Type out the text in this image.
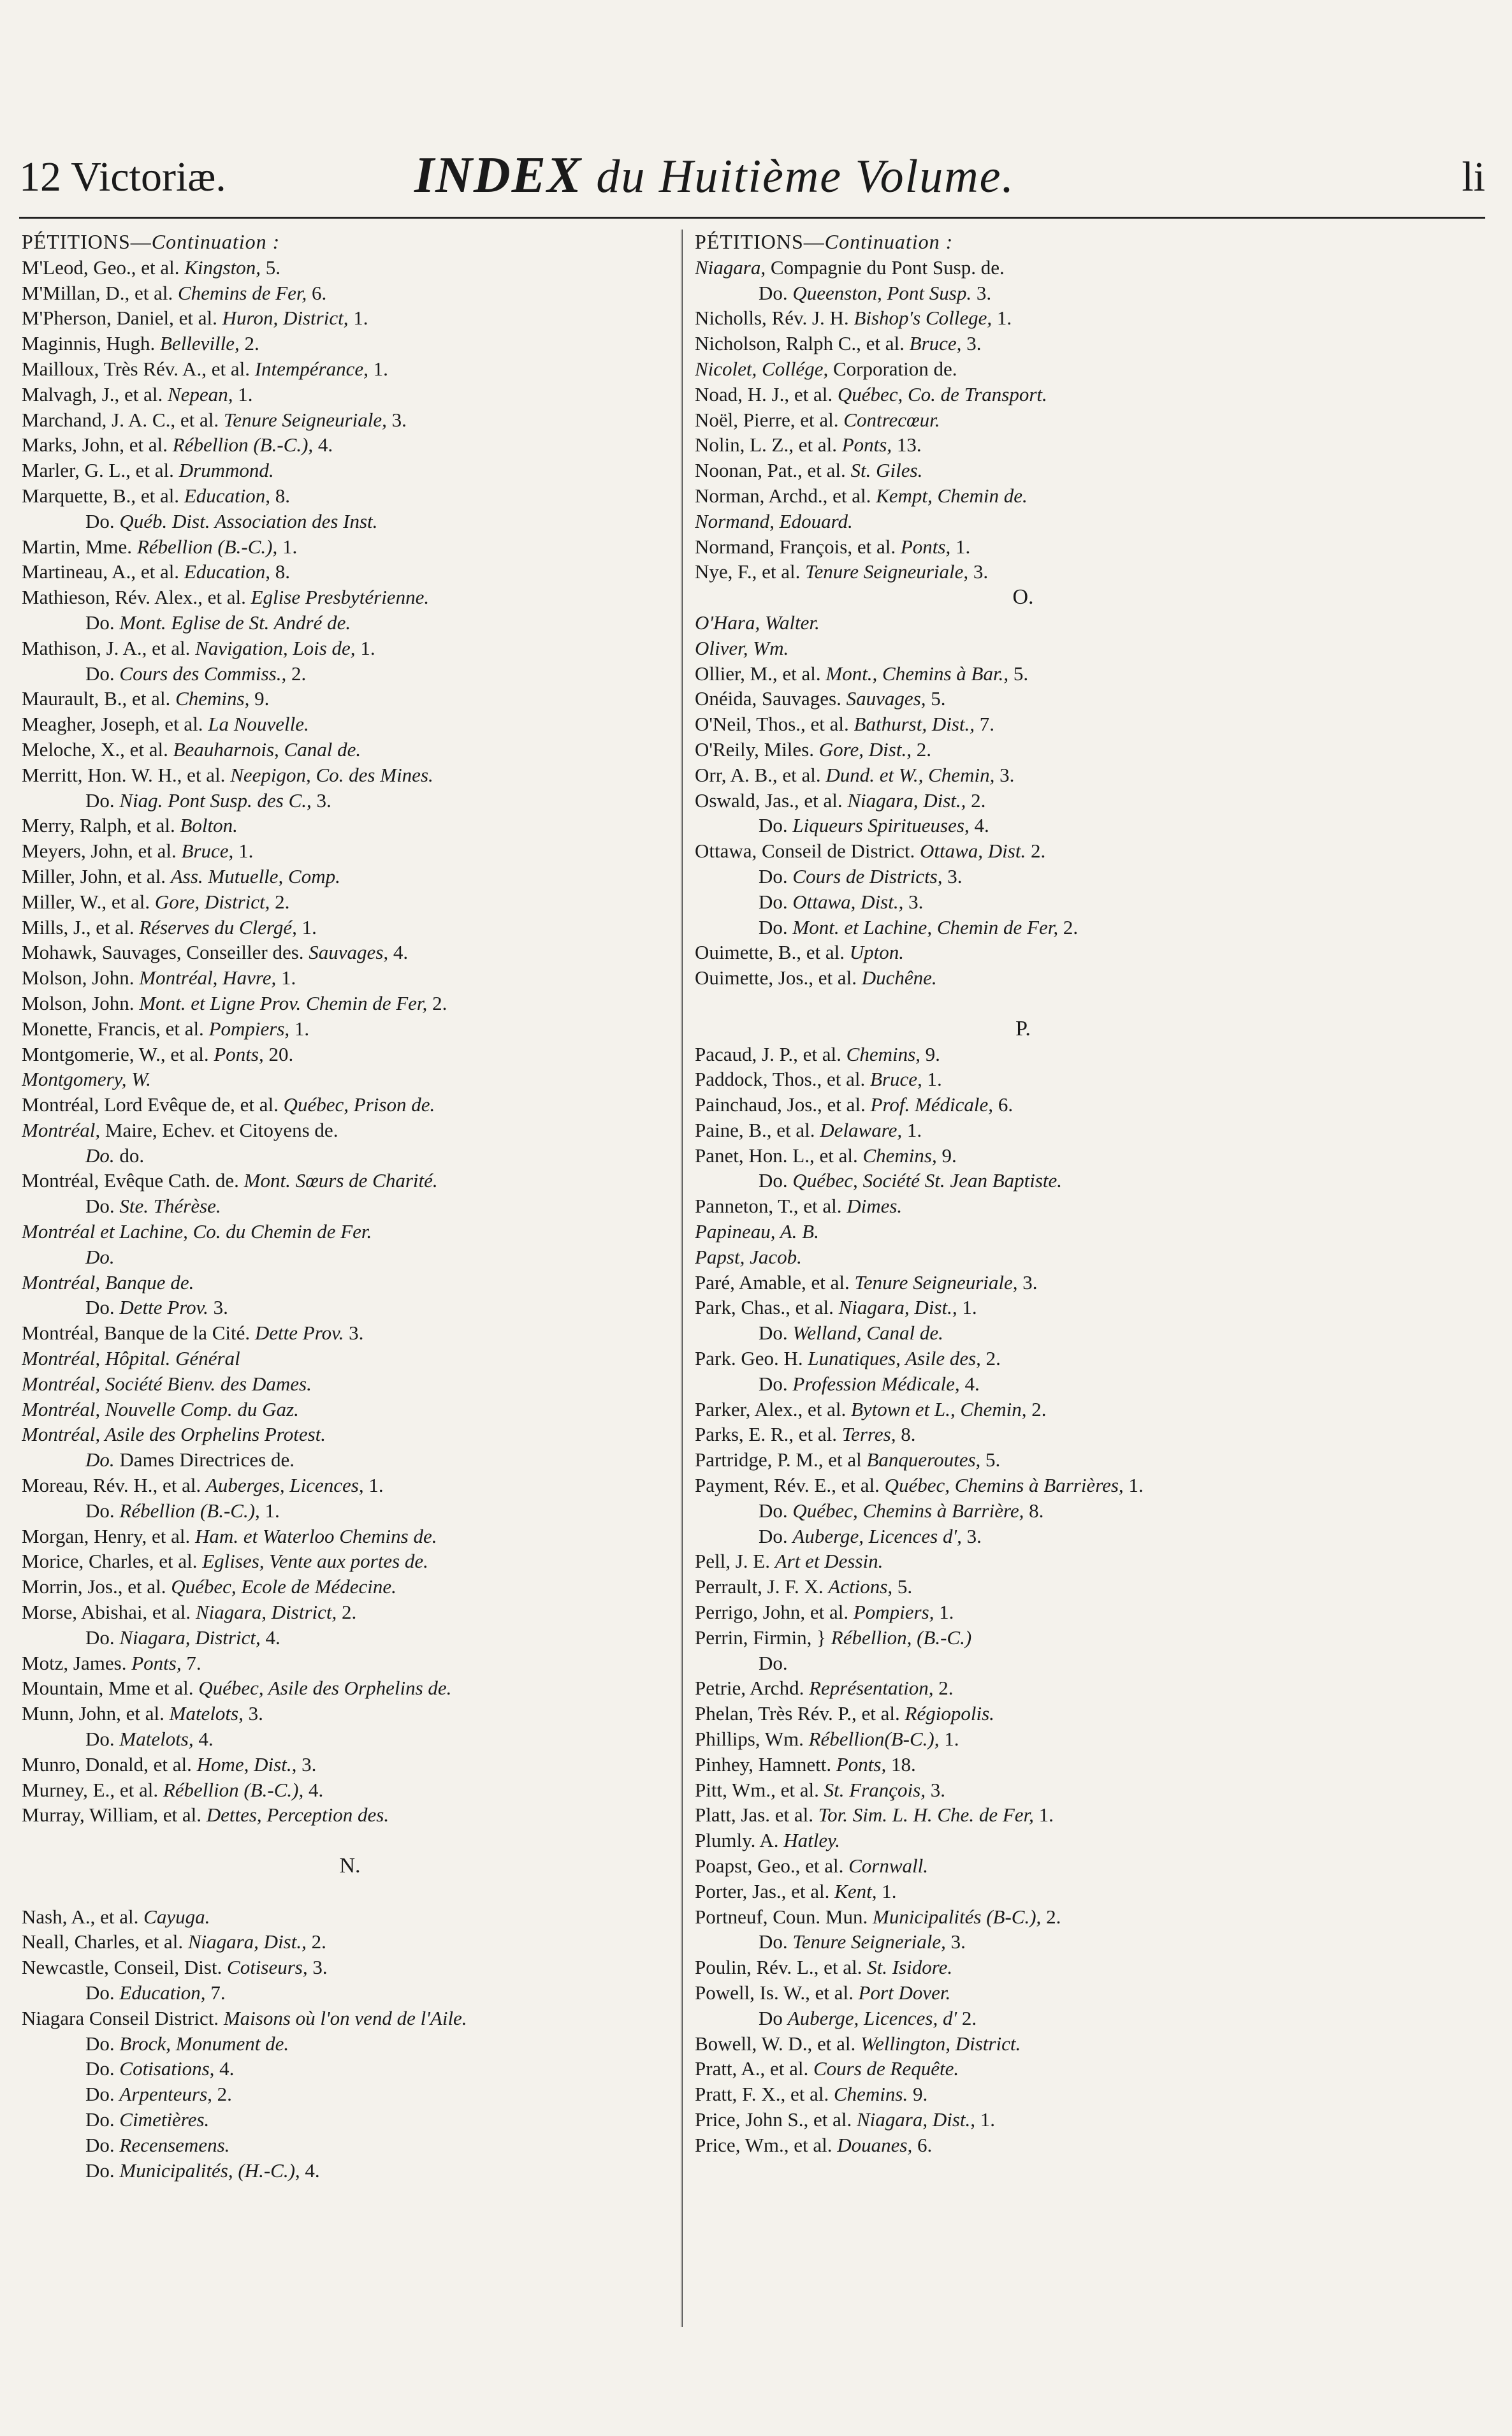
12 Victoriæ.	INDEX du Huitième Volume.	li
PÉTITIONS—Continuation :
M'Leod, Geo., et al. Kingston, 5.
M'Millan, D., et al. Chemins de Fer, 6.
M'Pherson, Daniel, et al. Huron, District, 1.
Maginnis, Hugh. Belleville, 2.
Mailloux, Très Rév. A., et al. Intempérance, 1.
Malvagh, J., et al. Nepean, 1.
Marchand, J. A. C., et al. Tenure Seigneuriale, 3.
Marks, John, et al. Rébellion (B.-C.), 4.
Marler, G. L., et al. Drummond.
Marquette, B., et al. Education, 8.
Do. Québ. Dist. Association des Inst.
Martin, Mme. Rébellion (B.-C.), 1.
Martineau, A., et al. Education, 8.
Mathieson, Rév. Alex., et al. Eglise Presbytérienne.
Do. Mont. Eglise de St. André de.
Mathison, J. A., et al. Navigation, Lois de, 1.
Do. Cours des Commiss., 2.
Maurault, B., et al. Chemins, 9.
Meagher, Joseph, et al. La Nouvelle.
Meloche, X., et al. Beauharnois, Canal de.
Merritt, Hon. W. H., et al. Neepigon, Co. des Mines.
Do. Niag. Pont Susp. des C., 3.
Merry, Ralph, et al. Bolton.
Meyers, John, et al. Bruce, 1.
Miller, John, et al. Ass. Mutuelle, Comp.
Miller, W., et al. Gore, District, 2.
Mills, J., et al. Réserves du Clergé, 1.
Mohawk, Sauvages, Conseiller des. Sauvages, 4.
Molson, John. Montréal, Havre, 1.
Molson, John. Mont. et Ligne Prov. Chemin de Fer, 2.
Monette, Francis, et al. Pompiers, 1.
Montgomerie, W., et al. Ponts, 20.
Montgomery, W.
Montréal, Lord Evêque de, et al. Québec, Prison de.
Montréal, Maire, Echev. et Citoyens de.
Do. do.
Montréal, Evêque Cath. de. Mont. Sœurs de Charité.
Do. Ste. Thérèse.
Montréal et Lachine, Co. du Chemin de Fer.
Do.
Montréal, Banque de.
Do. Dette Prov. 3.
Montréal, Banque de la Cité. Dette Prov. 3.
Montréal, Hôpital. Général
Montréal, Société Bienv. des Dames.
Montréal, Nouvelle Comp. du Gaz.
Montréal, Asile des Orphelins Protest.
Do. Dames Directrices de.
Moreau, Rév. H., et al. Auberges, Licences, 1.
Do. Rébellion (B.-C.), 1.
Morgan, Henry, et al. Ham. et Waterloo Chemins de.
Morice, Charles, et al. Eglises, Vente aux portes de.
Morrin, Jos., et al. Québec, Ecole de Médecine.
Morse, Abishai, et al. Niagara, District, 2.
Do. Niagara, District, 4.
Motz, James. Ponts, 7.
Mountain, Mme et al. Québec, Asile des Orphelins de.
Munn, John, et al. Matelots, 3.
Do. Matelots, 4.
Munro, Donald, et al. Home, Dist., 3.
Murney, E., et al. Rébellion (B.-C.), 4.
Murray, William, et al. Dettes, Perception des.
N.
Nash, A., et al. Cayuga.
Neall, Charles, et al. Niagara, Dist., 2.
Newcastle, Conseil, Dist. Cotiseurs, 3.
Do. Education, 7.
Niagara Conseil District. Maisons où l'on vend de l'Aile.
Do. Brock, Monument de.
Do. Cotisations, 4.
Do. Arpenteurs, 2.
Do. Cimetières.
Do. Recensemens.
Do. Municipalités, (H.-C.), 4.
PÉTITIONS—Continuation :
Niagara, Compagnie du Pont Susp. de.
Do. Queenston, Pont Susp. 3.
Nicholls, Rév. J. H. Bishop's College, 1.
Nicholson, Ralph C., et al. Bruce, 3.
Nicolet, Collége, Corporation de.
Noad, H. J., et al. Québec, Co. de Transport.
Noël, Pierre, et al. Contrecœur.
Nolin, L. Z., et al. Ponts, 13.
Noonan, Pat., et al. St. Giles.
Norman, Archd., et al. Kempt, Chemin de.
Normand, Edouard.
Normand, François, et al. Ponts, 1.
Nye, F., et al. Tenure Seigneuriale, 3.
O.
O'Hara, Walter.
Oliver, Wm.
Ollier, M., et al. Mont., Chemins à Bar., 5.
Onéida, Sauvages. Sauvages, 5.
O'Neil, Thos., et al. Bathurst, Dist., 7.
O'Reily, Miles. Gore, Dist., 2.
Orr, A. B., et al. Dund. et W., Chemin, 3.
Oswald, Jas., et al. Niagara, Dist., 2.
Do. Liqueurs Spiritueuses, 4.
Ottawa, Conseil de District. Ottawa, Dist. 2.
Do. Cours de Districts, 3.
Do. Ottawa, Dist., 3.
Do. Mont. et Lachine, Chemin de Fer, 2.
Ouimette, B., et al. Upton.
Ouimette, Jos., et al. Duchêne.
P.
Pacaud, J. P., et al. Chemins, 9.
Paddock, Thos., et al. Bruce, 1.
Painchaud, Jos., et al. Prof. Médicale, 6.
Paine, B., et al. Delaware, 1.
Panet, Hon. L., et al. Chemins, 9.
Do. Québec, Société St. Jean Baptiste.
Panneton, T., et al. Dimes.
Papineau, A. B.
Papst, Jacob.
Paré, Amable, et al. Tenure Seigneuriale, 3.
Park, Chas., et al. Niagara, Dist., 1.
Do. Welland, Canal de.
Park. Geo. H. Lunatiques, Asile des, 2.
Do. Profession Médicale, 4.
Parker, Alex., et al. Bytown et L., Chemin, 2.
Parks, E. R., et al. Terres, 8.
Partridge, P. M., et al Banqueroutes, 5.
Payment, Rév. E., et al. Québec, Chemins à Barrières, 1.
Do. Québec, Chemins à Barrière, 8.
Do. Auberge, Licences d', 3.
Pell, J. E. Art et Dessin.
Perrault, J. F. X. Actions, 5.
Perrigo, John, et al. Pompiers, 1.
Perrin, Firmin, } Rébellion, (B.-C.)
Do.
Petrie, Archd. Représentation, 2.
Phelan, Très Rév. P., et al. Régiopolis.
Phillips, Wm. Rébellion(B-C.), 1.
Pinhey, Hamnett. Ponts, 18.
Pitt, Wm., et al. St. François, 3.
Platt, Jas. et al. Tor. Sim. L. H. Che. de Fer, 1.
Plumly. A. Hatley.
Poapst, Geo., et al. Cornwall.
Porter, Jas., et al. Kent, 1.
Portneuf, Coun. Mun. Municipalités (B-C.), 2.
Do. Tenure Seigneriale, 3.
Poulin, Rév. L., et al. St. Isidore.
Powell, Is. W., et al. Port Dover.
Do Auberge, Licences, d' 2.
Bowell, W. D., et al. Wellington, District.
Pratt, A., et al. Cours de Requête.
Pratt, F. X., et al. Chemins. 9.
Price, John S., et al. Niagara, Dist., 1.
Price, Wm., et al. Douanes, 6.
